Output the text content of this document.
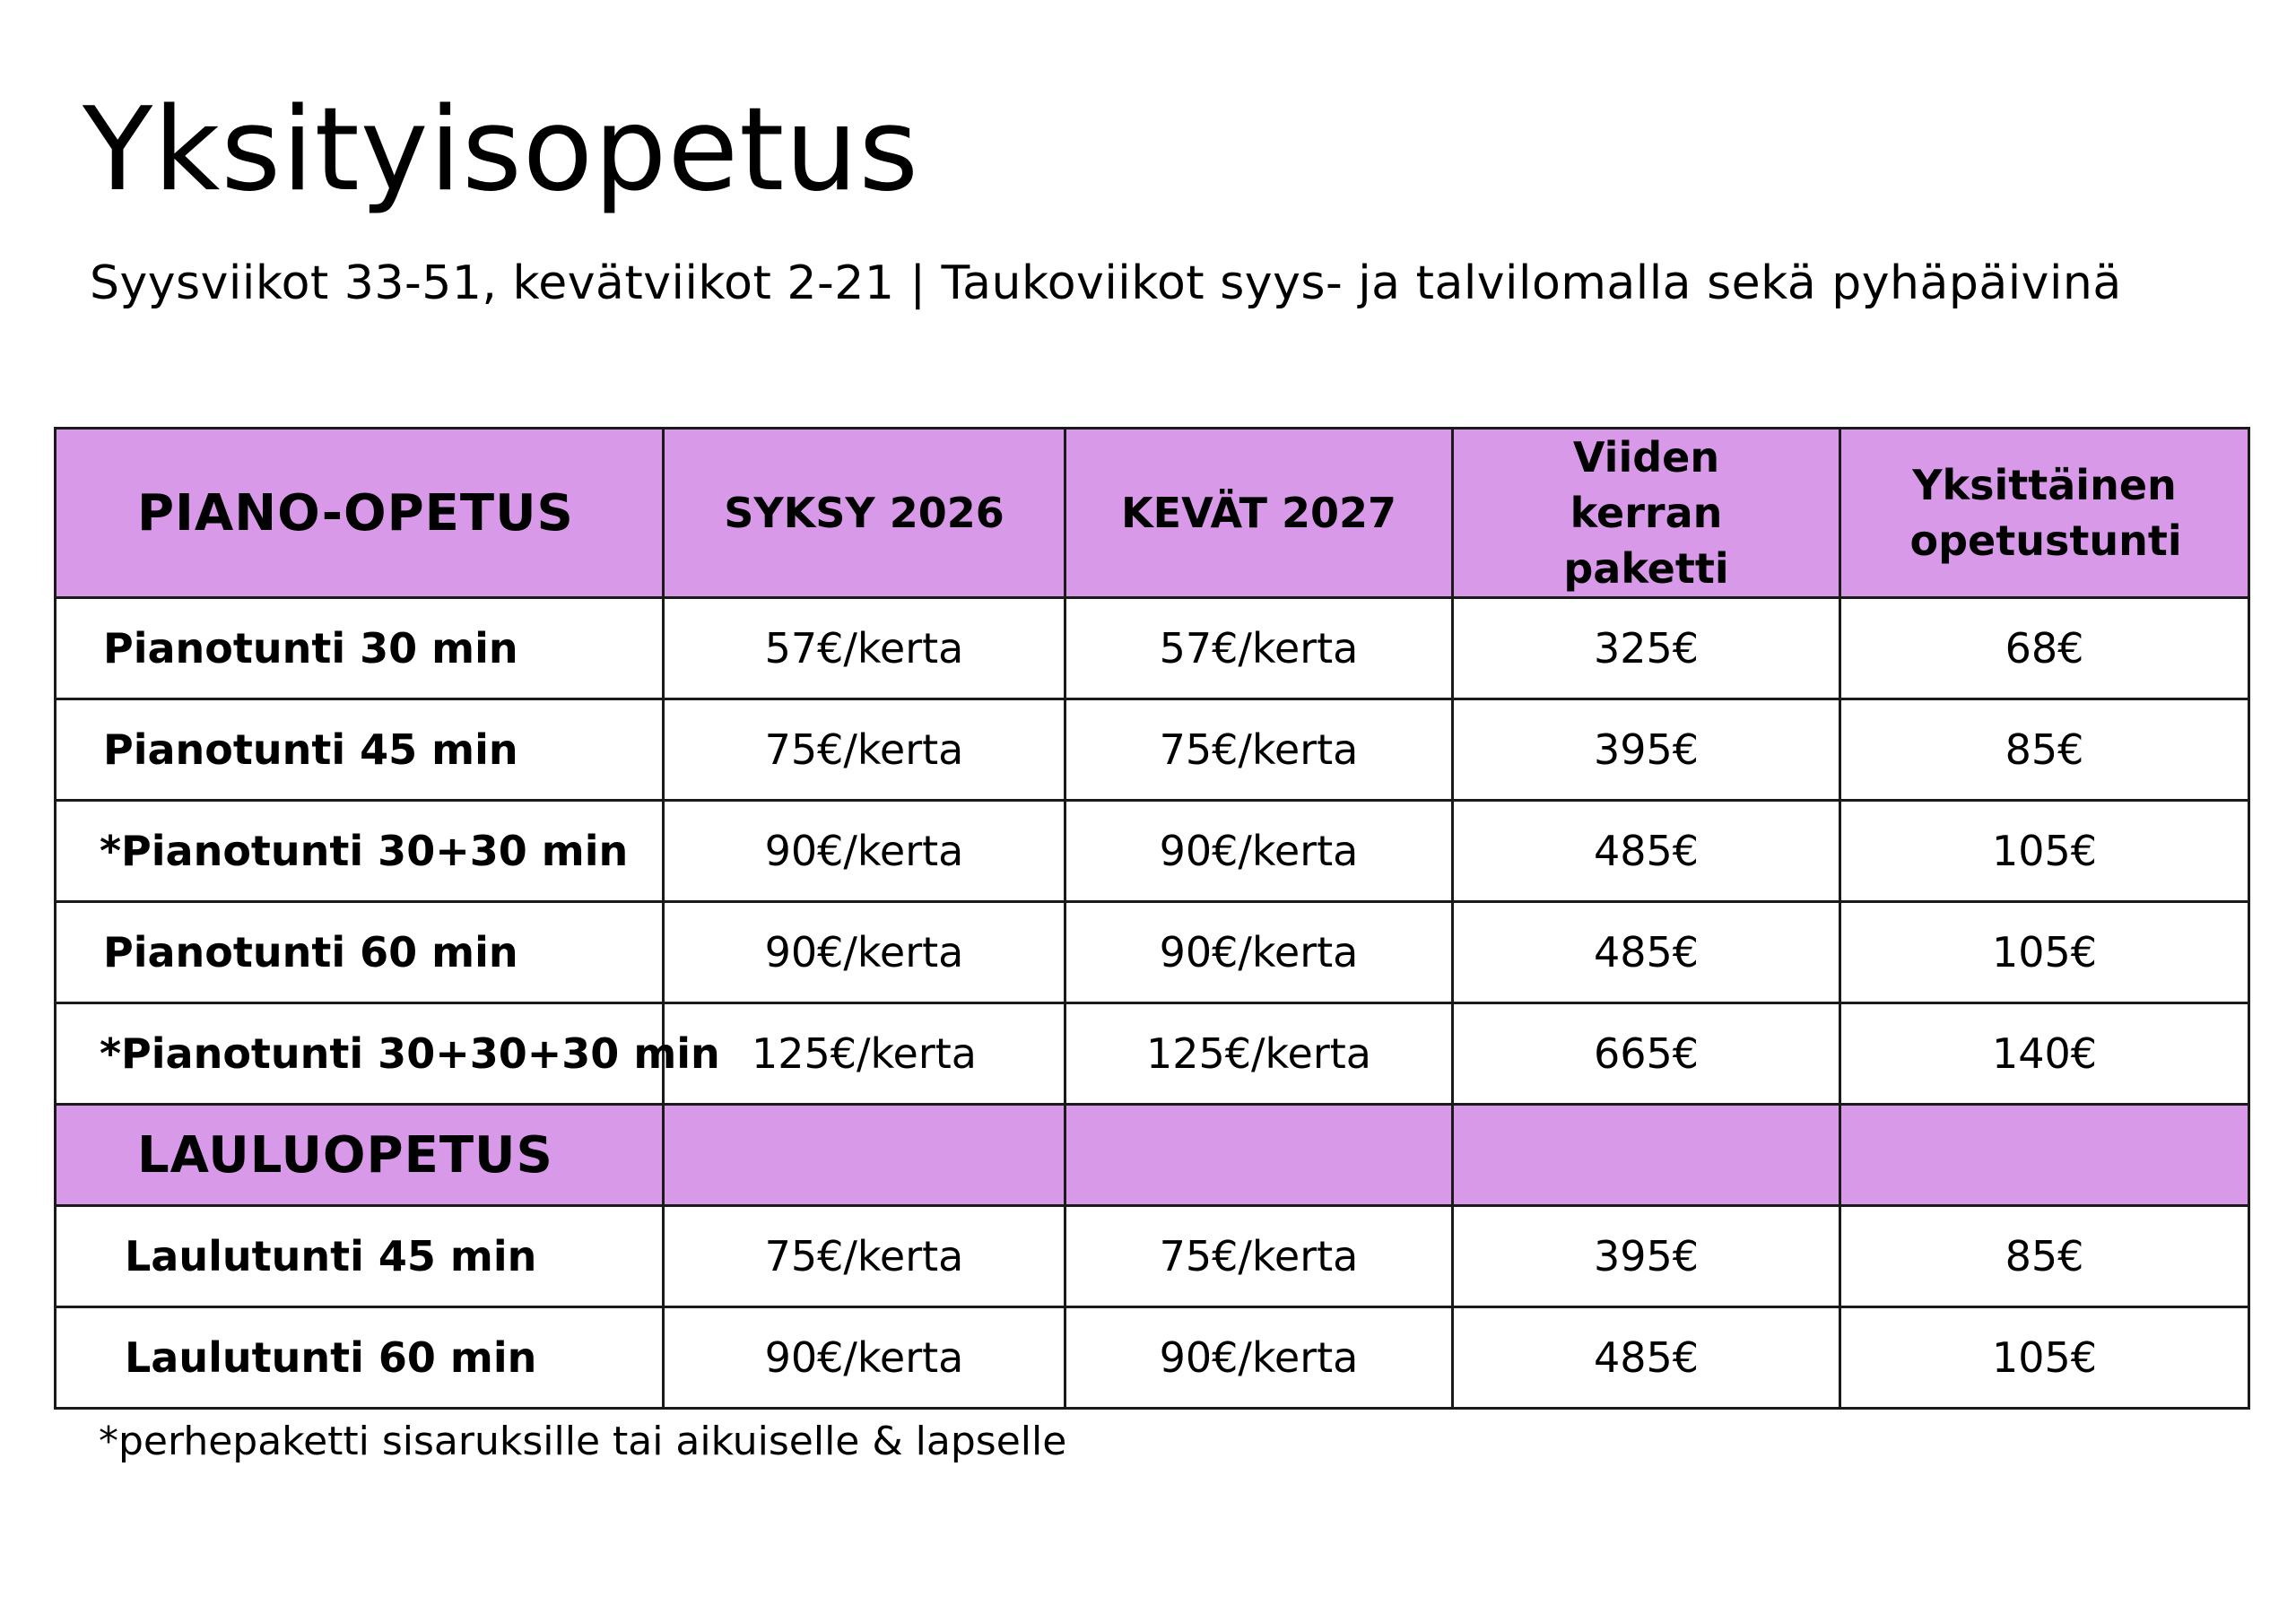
Yksityisopetus
Syysviikot 33-51, kevätviikot 2-21 | Taukoviikot syys- ja talvilomalla sekä pyhäpäivinä
PIANO-OPETUS	SYKSY 2026	KEVÄT 2027	Viiden kerran paketti	Yksittäinen opetustunti

Pianotunti 30 min	57€/kerta	57€/kerta	325€	68€
Pianotunti 45 min	75€/kerta	75€/kerta	395€	85€
*Pianotunti 30+30 min	90€/kerta	90€/kerta	485€	105€
Pianotunti 60 min	90€/kerta	90€/kerta	485€	105€
*Pianotunti 30+30+30 min	125€/kerta	125€/kerta	665€	140€
LAULUOPETUS				
Laulutunti 45 min	75€/kerta	75€/kerta	395€	85€
Laulutunti 60 min	90€/kerta	90€/kerta	485€	105€
*perhepaketti sisaruksille tai aikuiselle & lapselle
